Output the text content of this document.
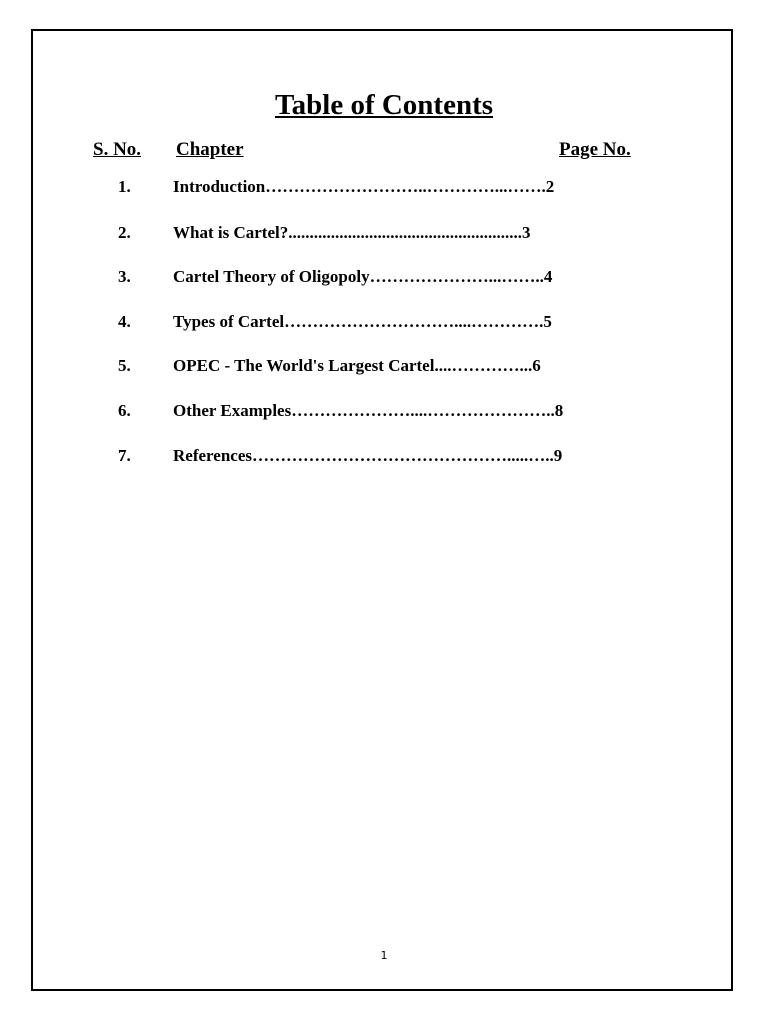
Table of Contents
S. No. Chapter	Page No.
1.	Introduction………………………..…………...…….2
2.	What is Cartel?.......................................................3
3.	Cartel Theory of Oligopoly…………………...……..4
4.	Types of Cartel…………………………....………….5
5.	OPEC - The World's Largest Cartel....…………...6
6.	Other Examples…………………....…………………..8
7.	References……………………………………….....…..9
1
